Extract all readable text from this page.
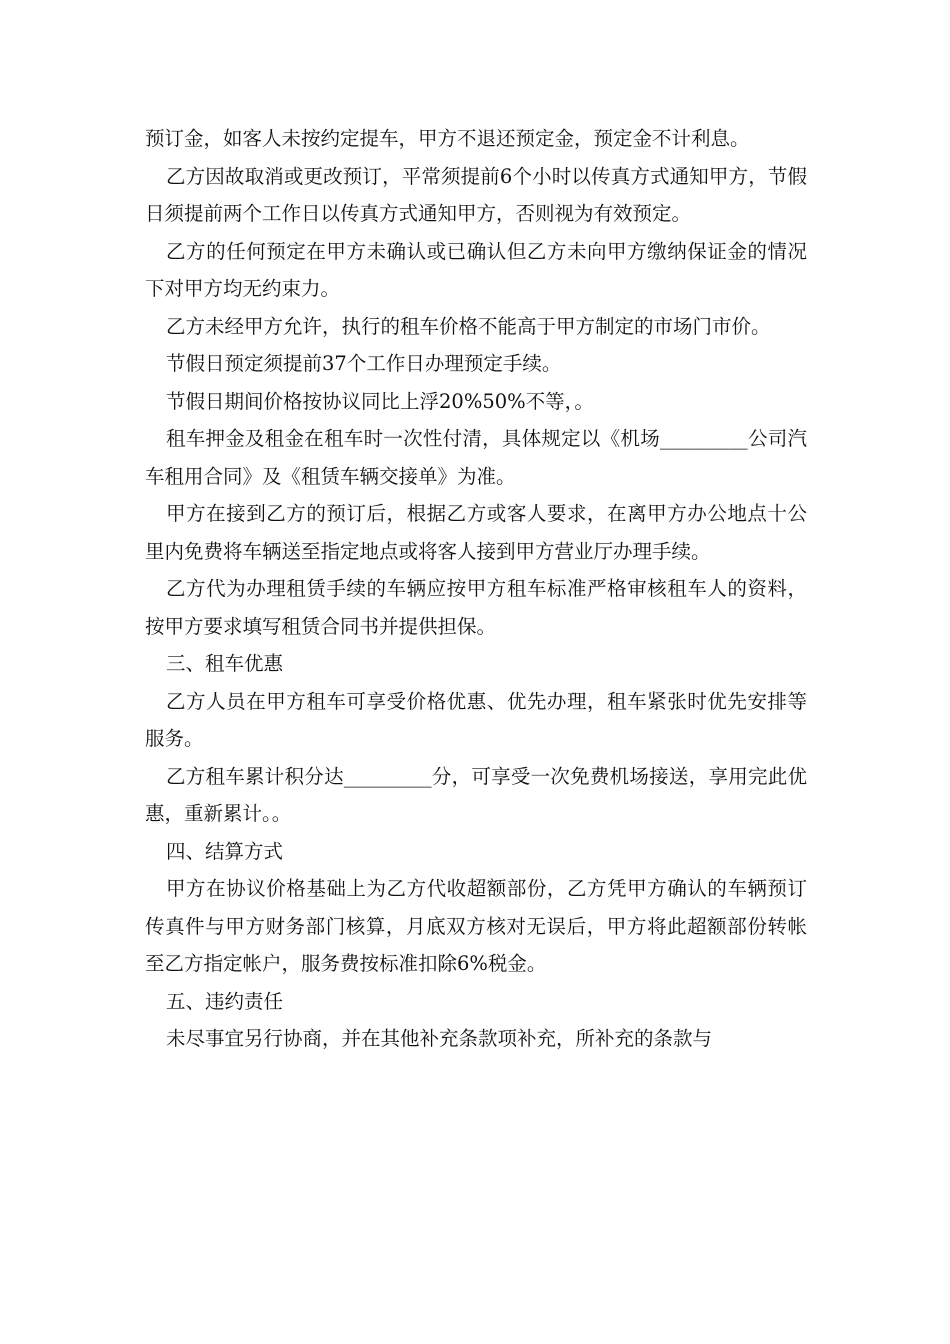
预订金，如客人未按约定提车，甲方不退还预定金，预定金不计利息。

乙方因故取消或更改预订，平常须提前6个小时以传真方式通知甲方，节假日须提前两个工作日以传真方式通知甲方，否则视为有效预定。

乙方的任何预定在甲方未确认或已确认但乙方未向甲方缴纳保证金的情况下对甲方均无约束力。

乙方未经甲方允许，执行的租车价格不能高于甲方制定的市场门市价。

节假日预定须提前37个工作日办理预定手续。

节假日期间价格按协议同比上浮20%50%不等，。

租车押金及租金在租车时一次性付清，具体规定以《机场_________公司汽车租用合同》及《租赁车辆交接单》为准。

甲方在接到乙方的预订后，根据乙方或客人要求，在离甲方办公地点十公里内免费将车辆送至指定地点或将客人接到甲方营业厅办理手续。

乙方代为办理租赁手续的车辆应按甲方租车标准严格审核租车人的资料，按甲方要求填写租赁合同书并提供担保。

三、租车优惠

乙方人员在甲方租车可享受价格优惠、优先办理，租车紧张时优先安排等服务。

乙方租车累计积分达_________分，可享受一次免费机场接送，享用完此优惠，重新累计。。

四、结算方式

甲方在协议价格基础上为乙方代收超额部份，乙方凭甲方确认的车辆预订传真件与甲方财务部门核算，月底双方核对无误后，甲方将此超额部份转帐至乙方指定帐户，服务费按标准扣除6%税金。

五、违约责任

未尽事宜另行协商，并在其他补充条款项补充，所补充的条款与
